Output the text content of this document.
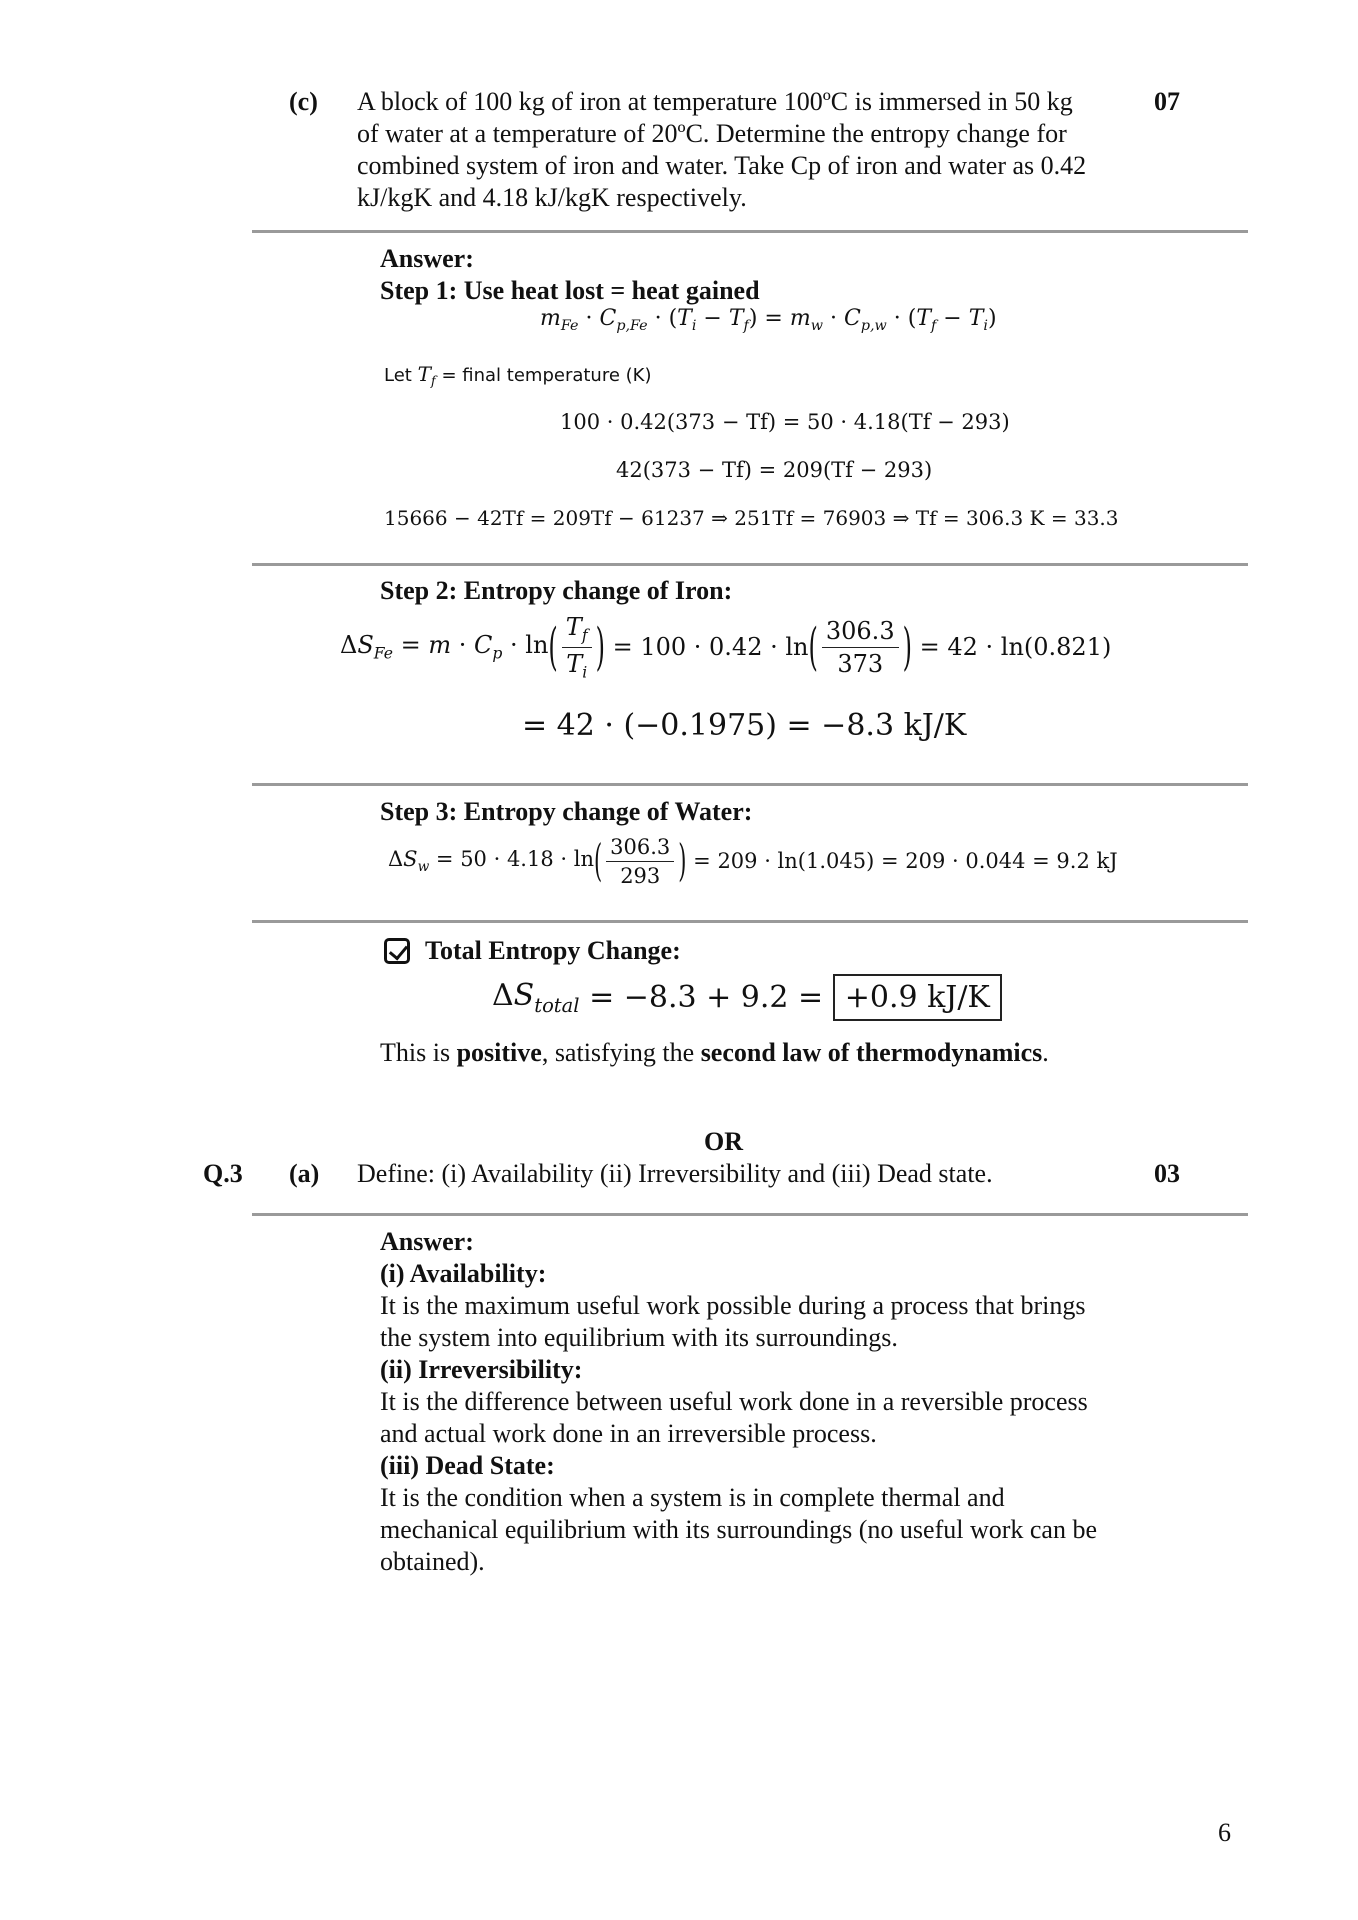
(c) A block of 100 kg of iron at temperature 100ºC is immersed in 50 kg of water at a temperature of 20ºC. Determine the entropy change for combined system of iron and water. Take Cp of iron and water as 0.42 kJ/kgK and 4.18 kJ/kgK respectively.
07
Answer:
Step 1: Use heat lost = heat gained
$m_{Fe} \cdot C_{p,Fe} \cdot (T_i - T_f) = m_w \cdot C_{p,w} \cdot (T_f - T_i)$
Let $T_f$ = final temperature (K)
100 · 0.42(373 − Tf) = 50 · 4.18(Tf − 293)
42(373 − Tf) = 209(Tf − 293)
15666 − 42Tf = 209Tf − 61237 ⇒ 251Tf = 76903 ⇒ Tf = 306.3 K = 33.3
Step 2: Entropy change of Iron:
$\Delta S_{Fe} = m \cdot C_p \cdot \ln$ ( $\frac{T_f}{T_i}$ ) = 100 · 0.42 · ln ( $\frac{306.3}{373}$ ) = 42 · ln(0.821)
= 42 · (−0.1975) = −8.3 kJ/K
Step 3: Entropy change of Water:
$\Delta S_w = 50 \cdot 4.18 \cdot \ln$ ( $\frac{306.3}{293}$ ) = 209 · ln(1.045) = 209 · 0.044 = 9.2 kJ
Total Entropy Change:
$\Delta S_{total} = -8.3 + 9.2$ =
+0.9 kJ/K
This is positive, satisfying the second law of thermodynamics.
OR
Q.3 (a) Define: (i) Availability (ii) Irreversibility and (iii) Dead state.	03
Answer:
(i) Availability:
It is the maximum useful work possible during a process that brings the system into equilibrium with its surroundings.
(ii) Irreversibility:
It is the difference between useful work done in a reversible process and actual work done in an irreversible process.
(iii) Dead State:
It is the condition when a system is in complete thermal and mechanical equilibrium with its surroundings (no useful work can be obtained).
6
